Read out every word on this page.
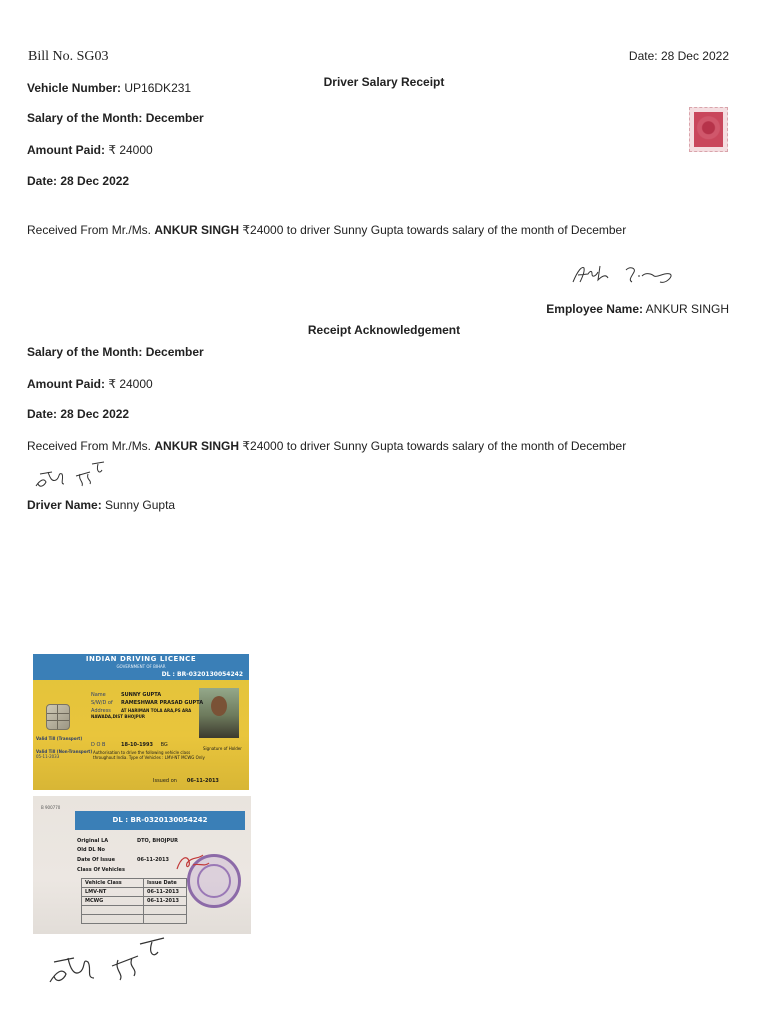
Bill No. SG03	Date: 28 Dec 2022
Driver Salary Receipt
Vehicle Number: UP16DK231
Salary of the Month: December
Amount Paid: ₹ 24000
Date: 28 Dec 2022
Received From Mr./Ms. ANKUR SINGH ₹24000 to driver Sunny Gupta towards salary of the month of December
Employee Name: ANKUR SINGH
Receipt Acknowledgement
Salary of the Month: December
Amount Paid: ₹ 24000
Date: 28 Dec 2022
Received From Mr./Ms. ANKUR SINGH ₹24000 to driver Sunny Gupta towards salary of the month of December
Driver Name: Sunny Gupta
INDIAN DRIVING LICENCE
GOVERNMENT OF BIHAR
DL : BR-0320130054242
Name	SUNNY GUPTA
S/W/D of RAMESHWAR PRASAD GUPTA
Address	AT HARIMAN TOLA ARA,PS ARA NAWADA,DIST BHOJPUR
D O B	18-10-1993 BG
Valid Till (Transport)
Valid Till (Non-Transport)
05-11-2033
Authorisation to drive the following vehicle class throughout India. Type of Vehicles : LMV-NT MCWG Only
Signature of Holder
Issued on 06-11-2013
B 900770
DL : BR-0320130054242
Original LA	DTO, BHOJPUR
Old DL No
Date Of Issue	06-11-2013
Class Of Vehicles
Vehicle Class	Issue Date
LMV-NT	06-11-2013
MCWG	06-11-2013
